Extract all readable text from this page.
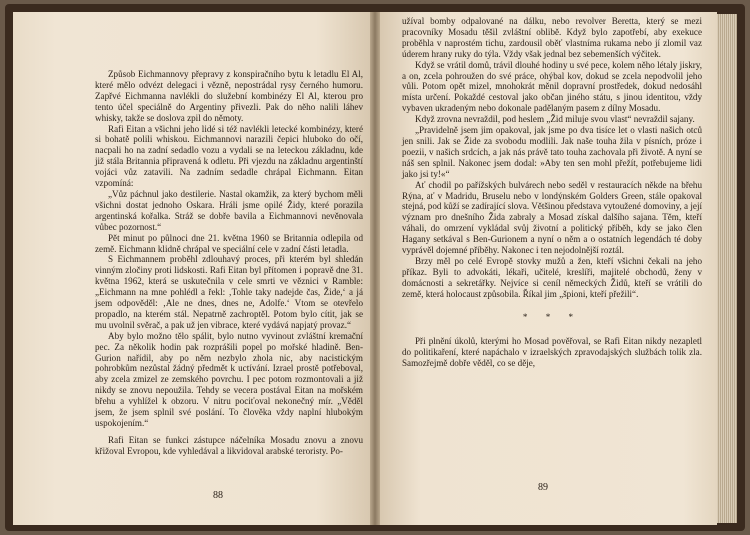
Způsob Eichmannovy přepravy z konspiračního bytu k letadlu El Al, které mělo odvézt delegaci i vězně, nepostrádal rysy černého humoru. Zapřvé Eichmanna navlékli do služební kombinézy El Al, kterou pro tento účel speciálně do Argentiny přivezli. Pak do něho nalili láhev whisky, takže se doslova zpil do němoty.

Rafi Eitan a všichni jeho lidé si též navlékli letecké kombinézy, které si bohatě polili whiskou. Eichmannovi narazili čepici hluboko do očí, nacpali ho na zadní sedadlo vozu a vydali se na leteckou základnu, kde již stála Britannia připravená k odletu. Při vjezdu na základnu argentinští vojáci vůz zatavili. Na zadním sedadle chrápal Eichmann. Eitan vzpomíná:

„Vůz páchnul jako destilerie. Nastal okamžik, za který bychom měli všichni dostat jednoho Oskara. Hráli jsme opilé Židy, které porazila argentinská kořalka. Stráž se dobře bavila a Eichmannovi nevěnovala vůbec pozornost.“

Pět minut po půlnoci dne 21. května 1960 se Britannia odlepila od země. Eichmann klidně chrápal ve speciální cele v zadní části letadla.

S Eichmannem proběhl zdlouhavý proces, při kterém byl shledán vinným zločiny proti lidskosti. Rafi Eitan byl přítomen i popravě dne 31. května 1962, která se uskutečnila v cele smrti ve věznici v Ramble: „Eichmann na mne pohlédl a řekl: ‚Tohle taky nadejde čas, Žide,‘ a já jsem odpověděl: ‚Ale ne dnes, dnes ne, Adolfe.‘ Vtom se otevřelo propadlo, na kterém stál. Nepatrně zachroptěl. Potom bylo cítit, jak se mu uvolnil svěrač, a pak už jen vibrace, které vydává napjatý provaz.“

Aby bylo možno tělo spálit, bylo nutno vyvinout zvláštní kremační pec. Za několik hodin pak rozprášili popel po mořské hladině. Ben-Gurion nařídil, aby po něm nezbylo zhola nic, aby nacistickým pohrobkům nezůstal žádný předmět k uctívání. Izrael prostě potřeboval, aby zcela zmizel ze zemského povrchu. I pec potom rozmontovali a již nikdy se znovu nepoužila. Tehdy se vecera postával Eitan na mořském břehu a vyhlížel k obzoru. V nitru pociťoval nekonečný mír. „Věděl jsem, že jsem splnil své poslání. To člověka vždy naplní hlubokým uspokojením.“

Rafi Eitan se funkci zástupce náčelníka Mosadu znovu a znovu křižoval Evropou, kde vyhledával a likvidoval arabské teroristy. Po-

88

užíval bomby odpalované na dálku, nebo revolver Beretta, který se mezi pracovníky Mosadu těšil zvláštní oblibě. Když bylo zapotřebí, aby exekuce proběhla v naprostém tichu, zardousil oběť vlastníma rukama nebo jí zlomil vaz úderem hrany ruky do týla. Vždy však jednal bez sebemenších výčitek.

Když se vrátil domů, trávil dlouhé hodiny u své pece, kolem něho létaly jiskry, a on, zcela pohroužen do své práce, ohýbal kov, dokud se zcela nepodvolil jeho vůli. Potom opět mizel, mnohokrát měnil dopravní prostředek, dokud nedosáhl místa určení. Pokaždé cestoval jako občan jiného státu, s jinou identitou, vždy vybaven ukradeným nebo dokonale padělaným pasem z dílny Mosadu.

Když zrovna nevraždil, pod heslem „Žid miluje svou vlast“ nevraždil sajany.

„Pravidelně jsem jim opakoval, jak jsme po dva tisíce let o vlasti našich otců jen snili. Jak se Žide za svobodu modlili. Jak naše touha žila v písních, próze i poezii, v našich srdcích, a jak nás právě tato touha zachovala při životě. A nyní se náš sen splnil. Nakonec jsem dodal: »Aby ten sen mohl přežít, potřebujeme lidi jako jsi ty!«“

Ať chodil po pařížských bulvárech nebo seděl v restauracích někde na břehu Rýna, ať v Madridu, Bruselu nebo v londýnském Golders Green, stále opakoval stejná, pod kůží se zadírající slova. Většinou představa vytoužené domoviny, a její význam pro dnešního Žida zabraly a Mosad získal dalšího sajana. Těm, kteří váhali, do omrzení vykládal svůj životní a politický příběh, kdy se jako člen Hagany setkával s Ben-Gurionem a nyní o něm a o ostatních legendách té doby vyprávěl dojemné příběhy. Nakonec i ten nejodolnější roztál.

Brzy měl po celé Evropě stovky mužů a žen, kteří všichni čekali na jeho příkaz. Byli to advokáti, lékaři, učitelé, kreslíři, majitelé obchodů, ženy v domácnosti a sekretářky. Nejvíce si ceníl německých Židů, kteří se vrátili do země, která holocaust způsobila. Říkal jim „špioni, kteří přežili“.

* * *

Při plnění úkolů, kterými ho Mosad pověřoval, se Rafi Eitan nikdy nezapletl do politikaření, které napáchalo v izraelských zpravodajských službách tolik zla. Samozřejmě dobře věděl, co se děje,

89
